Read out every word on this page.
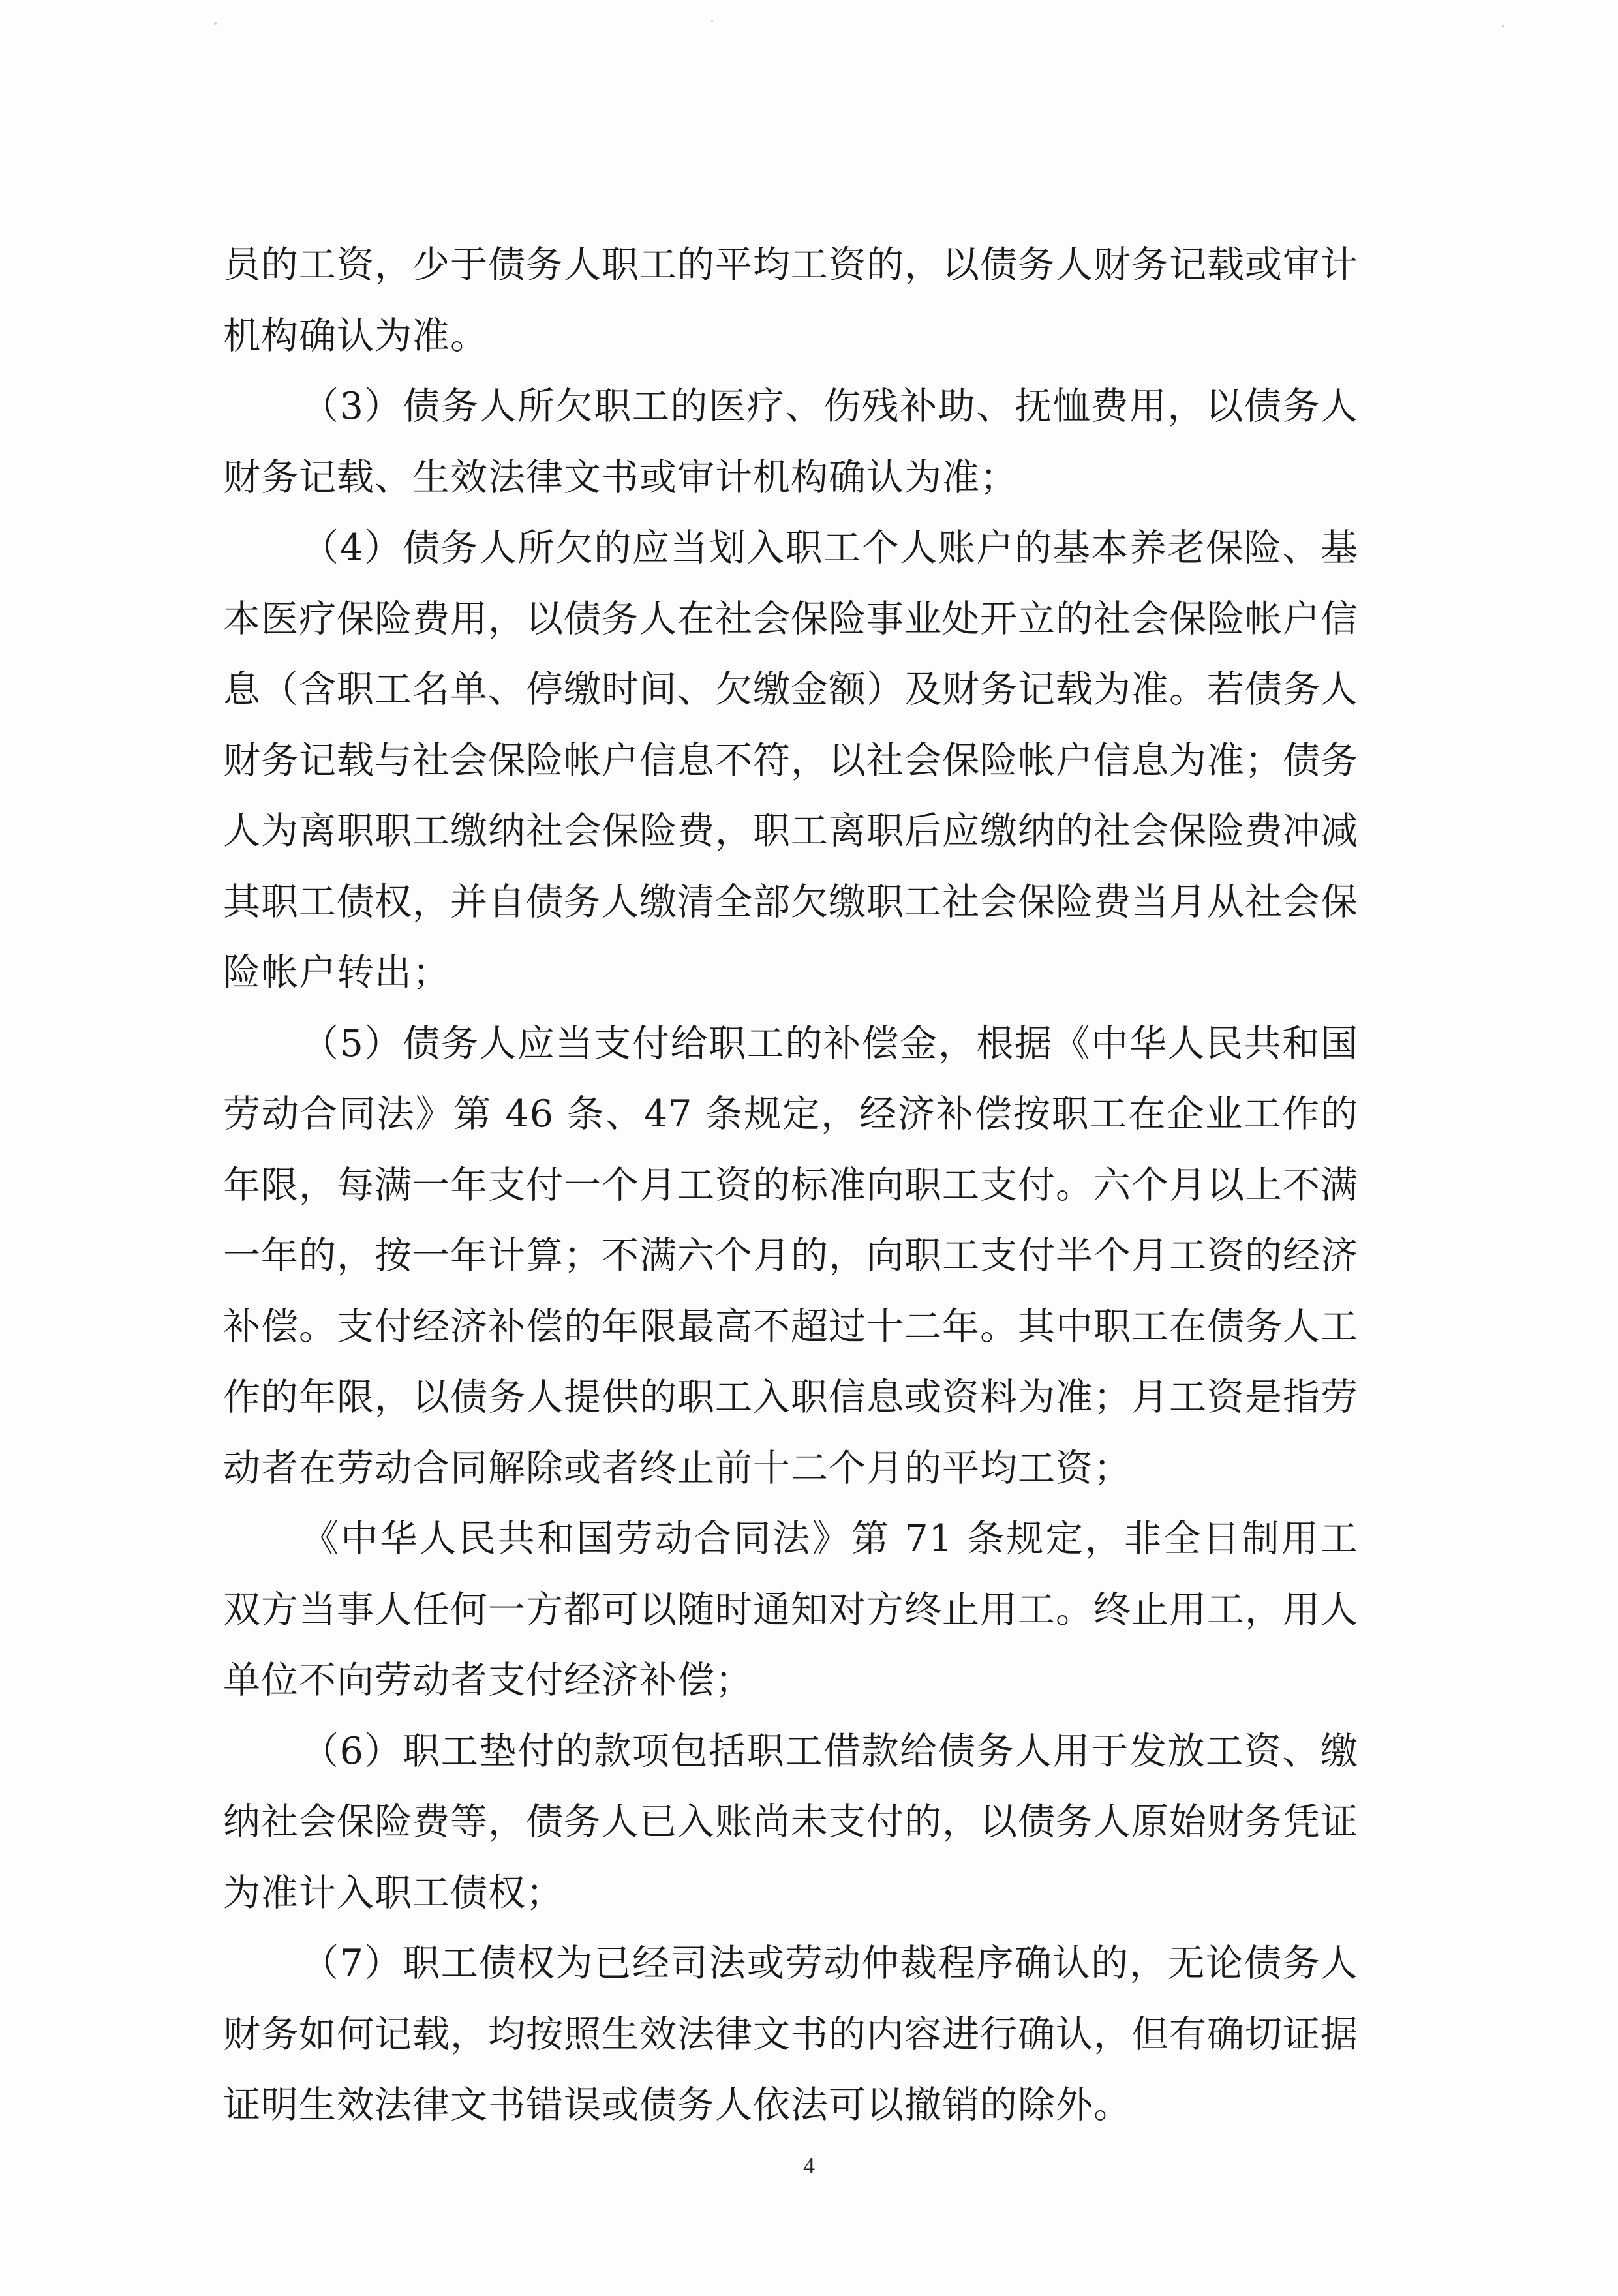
员的工资，少于债务人职工的平均工资的，以债务人财务记载或审计机构确认为准。

（3）债务人所欠职工的医疗、伤残补助、抚恤费用，以债务人财务记载、生效法律文书或审计机构确认为准；

（4）债务人所欠的应当划入职工个人账户的基本养老保险、基本医疗保险费用，以债务人在社会保险事业处开立的社会保险帐户信息（含职工名单、停缴时间、欠缴金额）及财务记载为准。若债务人财务记载与社会保险帐户信息不符，以社会保险帐户信息为准；债务人为离职职工缴纳社会保险费，职工离职后应缴纳的社会保险费冲减其职工债权，并自债务人缴清全部欠缴职工社会保险费当月从社会保险帐户转出；

（5）债务人应当支付给职工的补偿金，根据《中华人民共和国劳动合同法》第 46 条、47 条规定，经济补偿按职工在企业工作的年限，每满一年支付一个月工资的标准向职工支付。六个月以上不满一年的，按一年计算；不满六个月的，向职工支付半个月工资的经济补偿。支付经济补偿的年限最高不超过十二年。其中职工在债务人工作的年限，以债务人提供的职工入职信息或资料为准；月工资是指劳动者在劳动合同解除或者终止前十二个月的平均工资；

《中华人民共和国劳动合同法》第 71 条规定，非全日制用工双方当事人任何一方都可以随时通知对方终止用工。终止用工，用人单位不向劳动者支付经济补偿；

（6）职工垫付的款项包括职工借款给债务人用于发放工资、缴纳社会保险费等，债务人已入账尚未支付的，以债务人原始财务凭证为准计入职工债权；

（7）职工债权为已经司法或劳动仲裁程序确认的，无论债务人财务如何记载，均按照生效法律文书的内容进行确认，但有确切证据证明生效法律文书错误或债务人依法可以撤销的除外。

4
